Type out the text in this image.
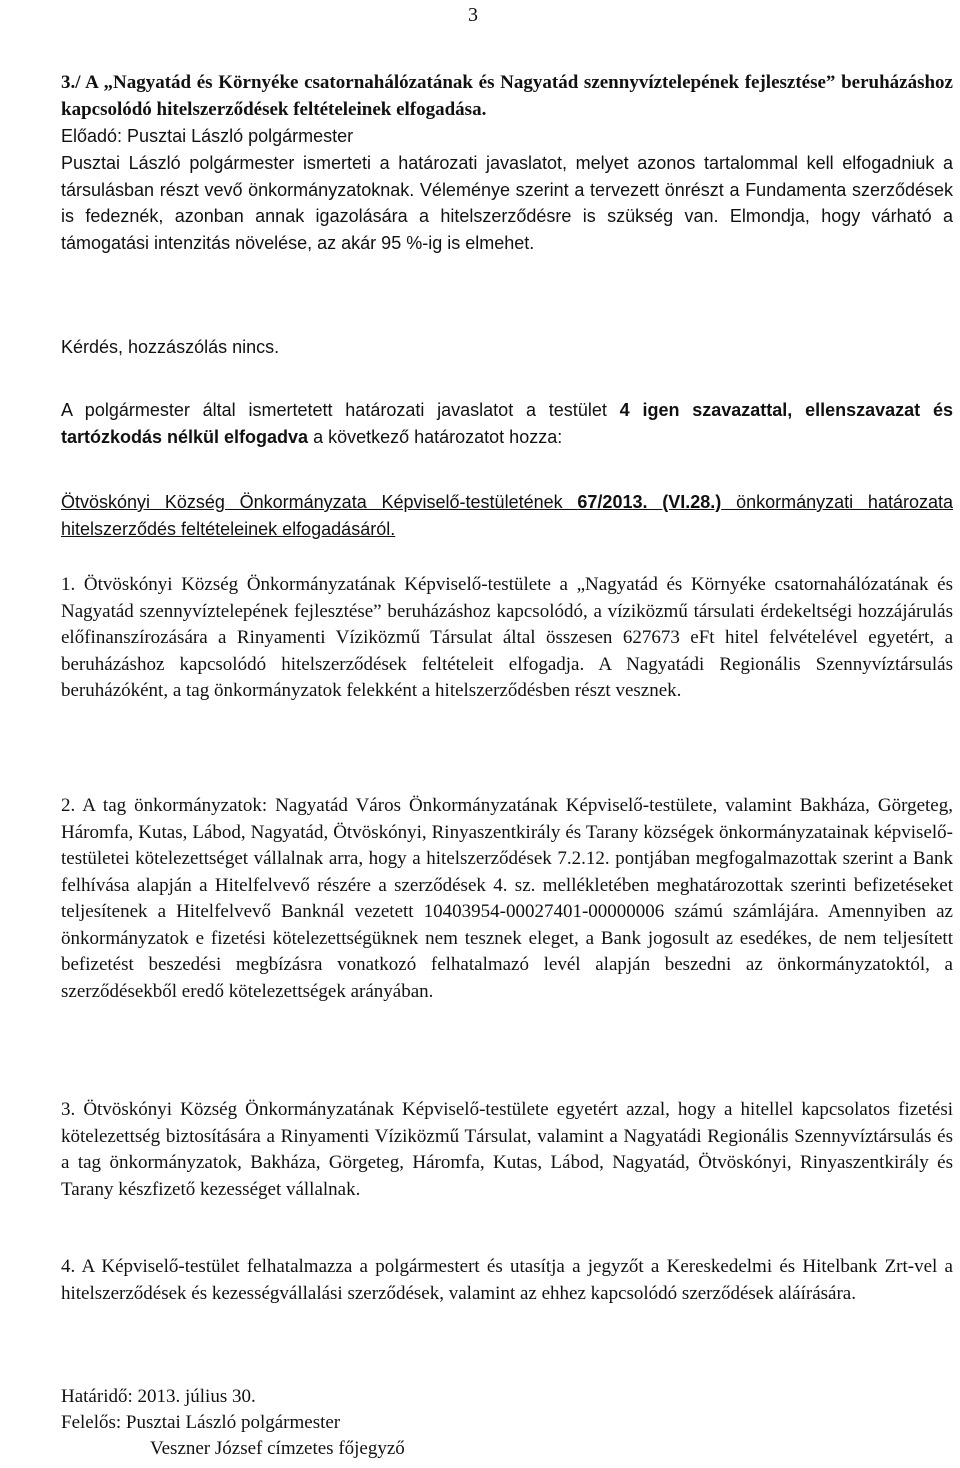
3

3./ A „Nagyatád és Környéke csatornahálózatának és Nagyatád szennyvíztelepének fejlesztése” beruházáshoz kapcsolódó hitelszerződések feltételeinek elfogadása.

Előadó: Pusztai László polgármester

Pusztai László polgármester ismerteti a határozati javaslatot, melyet azonos tartalommal kell elfogadniuk a társulásban részt vevő önkormányzatoknak. Véleménye szerint a tervezett önrészt a Fundamenta szerződések is fedeznék, azonban annak igazolására a hitelszerződésre is szükség van. Elmondja, hogy várható a támogatási intenzitás növelése, az akár 95 %-ig is elmehet.

Kérdés, hozzászólás nincs.

A polgármester által ismertetett határozati javaslatot a testület 4 igen szavazattal, ellenszavazat és tartózkodás nélkül elfogadva a következő határozatot hozza:

Ötvöskónyi Község Önkormányzata Képviselő-testületének 67/2013. (VI.28.) önkormányzati határozata hitelszerződés feltételeinek elfogadásáról.

1. Ötvöskónyi Község Önkormányzatának Képviselő-testülete a „Nagyatád és Környéke csatornahálózatának és Nagyatád szennyvíztelepének fejlesztése” beruházáshoz kapcsolódó, a víziközmű társulati érdekeltségi hozzájárulás előfinanszírozására a Rinyamenti Víziközmű Társulat által összesen 627673 eFt hitel felvételével egyetért, a beruházáshoz kapcsolódó hitelszerződések feltételeit elfogadja. A Nagyatádi Regionális Szennyvíztársulás beruházóként, a tag önkormányzatok felekként a hitelszerződésben részt vesznek.

2. A tag önkormányzatok: Nagyatád Város Önkormányzatának Képviselő-testülete, valamint Bakháza, Görgeteg, Háromfa, Kutas, Lábod, Nagyatád, Ötvöskónyi, Rinyaszentkirály és Tarany községek önkormányzatainak képviselő-testületei kötelezettséget vállalnak arra, hogy a hitelszerződések 7.2.12. pontjában megfogalmazottak szerint a Bank felhívása alapján a Hitelfelvevő részére a szerződések 4. sz. mellékletében meghatározottak szerinti befizetéseket teljesítenek a Hitelfelvevő Banknál vezetett 10403954-00027401-00000006 számú számlájára. Amennyiben az önkormányzatok e fizetési kötelezettségüknek nem tesznek eleget, a Bank jogosult az esedékes, de nem teljesített befizetést beszedési megbízásra vonatkozó felhatalmazó levél alapján beszedni az önkormányzatoktól, a szerződésekből eredő kötelezettségek arányában.

3. Ötvöskónyi Község Önkormányzatának Képviselő-testülete egyetért azzal, hogy a hitellel kapcsolatos fizetési kötelezettség biztosítására a Rinyamenti Víziközmű Társulat, valamint a Nagyatádi Regionális Szennyvíztársulás és a tag önkormányzatok, Bakháza, Görgeteg, Háromfa, Kutas, Lábod, Nagyatád, Ötvöskónyi, Rinyaszentkirály és Tarany készfizető kezességet vállalnak.

4. A Képviselő-testület felhatalmazza a polgármestert és utasítja a jegyzőt a Kereskedelmi és Hitelbank Zrt-vel a hitelszerződések és kezességvállalási szerződések, valamint az ehhez kapcsolódó szerződések aláírására.

Határidő: 2013. július 30.

Felelős: Pusztai László polgármester

Veszner József címzetes főjegyző
